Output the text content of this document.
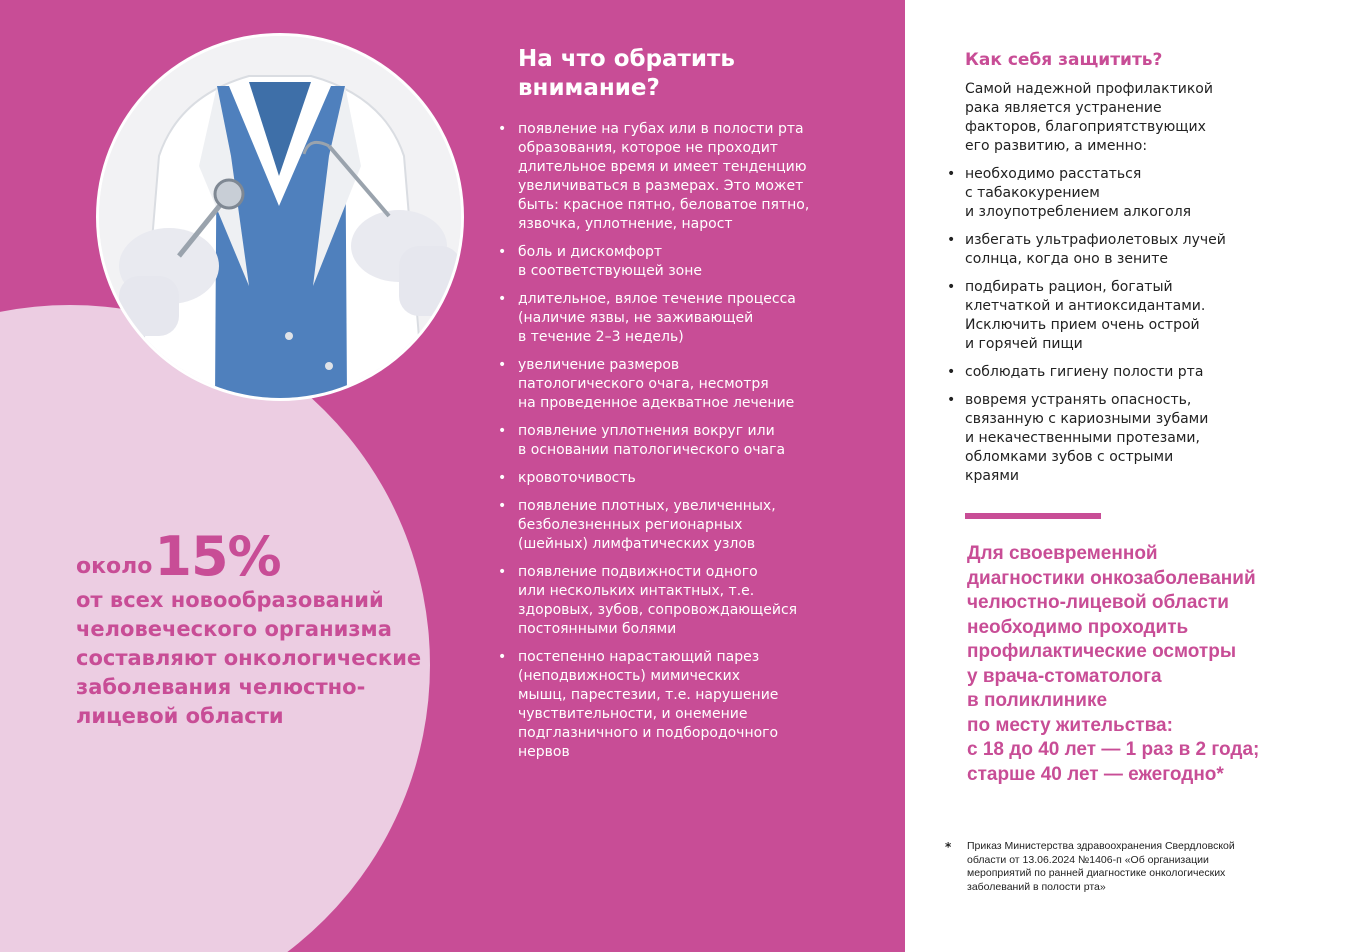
около 15%
от всех новообразований человеческого организма составляют онкологические заболевания челюстно-лицевой области
На что обратить
внимание?
• появление на губах или в полости рта
образования, которое не проходит
длительное время и имеет тенденцию
увеличиваться в размерах. Это может
быть: красное пятно, беловатое пятно,
язвочка, уплотнение, нарост
• боль и дискомфорт
в соответствующей зоне
• длительное, вялое течение процесса
(наличие язвы, не заживающей
в течение 2–3 недель)
• увеличение размеров
патологического очага, несмотря
на проведенное адекватное лечение
• появление уплотнения вокруг или
в основании патологического очага
• кровоточивость
• появление плотных, увеличенных,
безболезненных регионарных
(шейных) лимфатических узлов
• появление подвижности одного
или нескольких интактных, т.е.
здоровых, зубов, сопровождающейся
постоянными болями
• постепенно нарастающий парез
(неподвижность) мимических
мышц, парестезии, т.е. нарушение
чувствительности, и онемение
подглазничного и подбородочного
нервов
Как себя защитить?
Самой надежной профилактикой
рака является устранение
факторов, благоприятствующих
его развитию, а именно:
• необходимо расстаться
с табакокурением
и злоупотреблением алкоголя
• избегать ультрафиолетовых лучей
солнца, когда оно в зените
• подбирать рацион, богатый
клетчаткой и антиоксидантами.
Исключить прием очень острой
и горячей пищи
• соблюдать гигиену полости рта
• вовремя устранять опасность,
связанную с кариозными зубами
и некачественными протезами,
обломками зубов с острыми
краями
Для своевременной
диагностики онкозаболеваний
челюстно-лицевой области
необходимо проходить
профилактические осмотры
у врача-стоматолога
в поликлинике
по месту жительства:
с 18 до 40 лет — 1 раз в 2 года;
старше 40 лет — ежегодно*
* Приказ Министерства здравоохранения Свердловской
области от 13.06.2024 №1406-п «Об организации
мероприятий по ранней диагностике онкологических
заболеваний в полости рта»
